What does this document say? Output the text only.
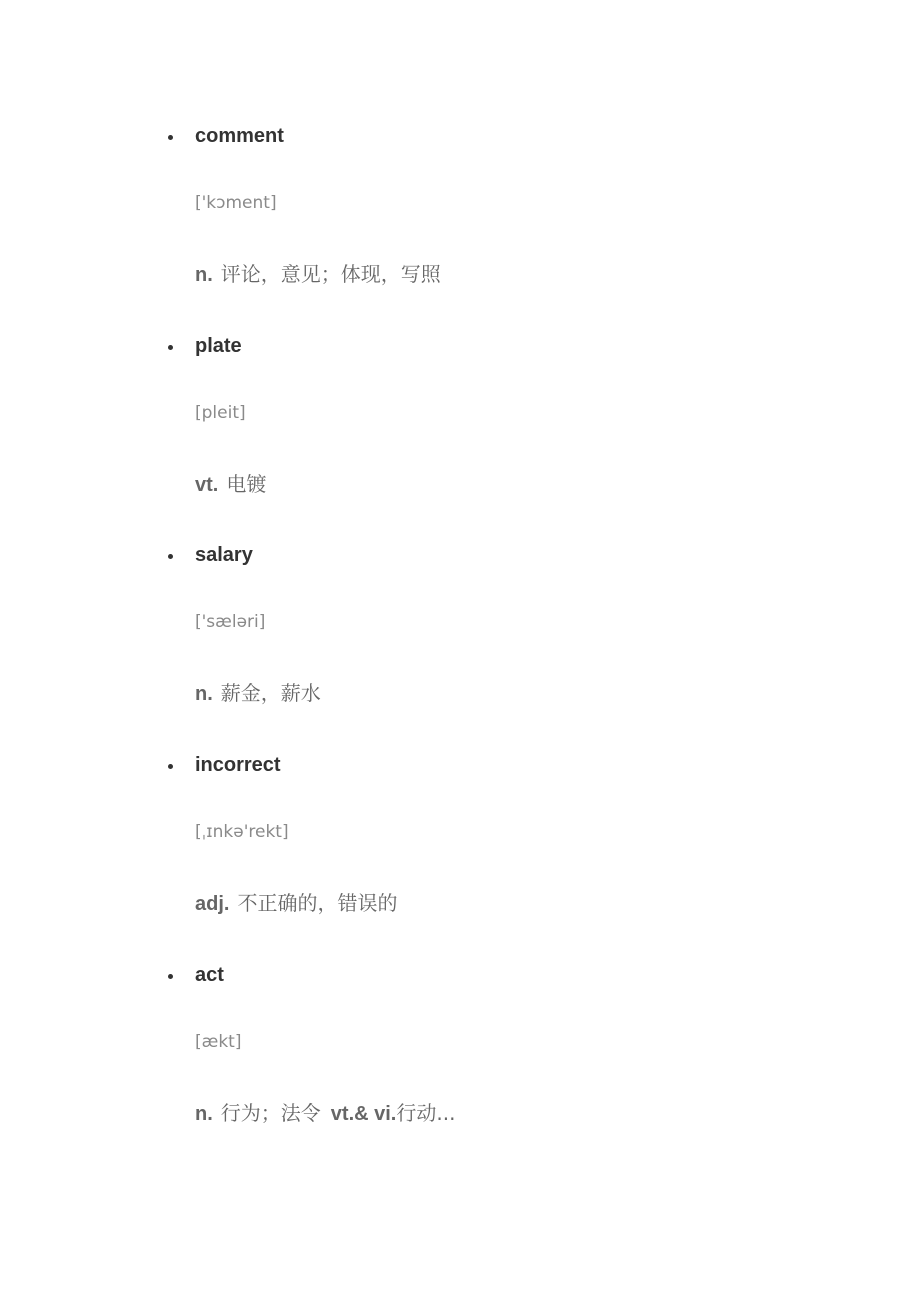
comment
['kɔment]
n. 评论，意见；体现，写照
plate
[pleit]
vt. 电镀
salary
['sæləri]
n. 薪金，薪水
incorrect
[ˌɪnkə'rekt]
adj. 不正确的，错误的
act
[ækt]
n. 行为；法令 vt.& vi.行动...
